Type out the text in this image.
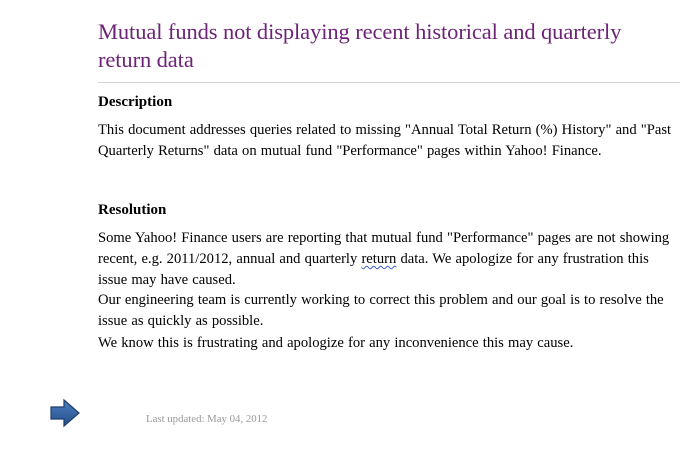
Mutual funds not displaying recent historical and quarterly return data
Description

This document addresses queries related to missing "Annual Total Return (%) History" and "Past Quarterly Returns" data on mutual fund "Performance" pages within Yahoo! Finance.

Resolution

Some Yahoo! Finance users are reporting that mutual fund "Performance" pages are not showing recent, e.g. 2011/2012, annual and quarterly return data. We apologize for any frustration this issue may have caused.

Our engineering team is currently working to correct this problem and our goal is to resolve the issue as quickly as possible.

We know this is frustrating and apologize for any inconvenience this may cause.

Last updated: May 04, 2012
